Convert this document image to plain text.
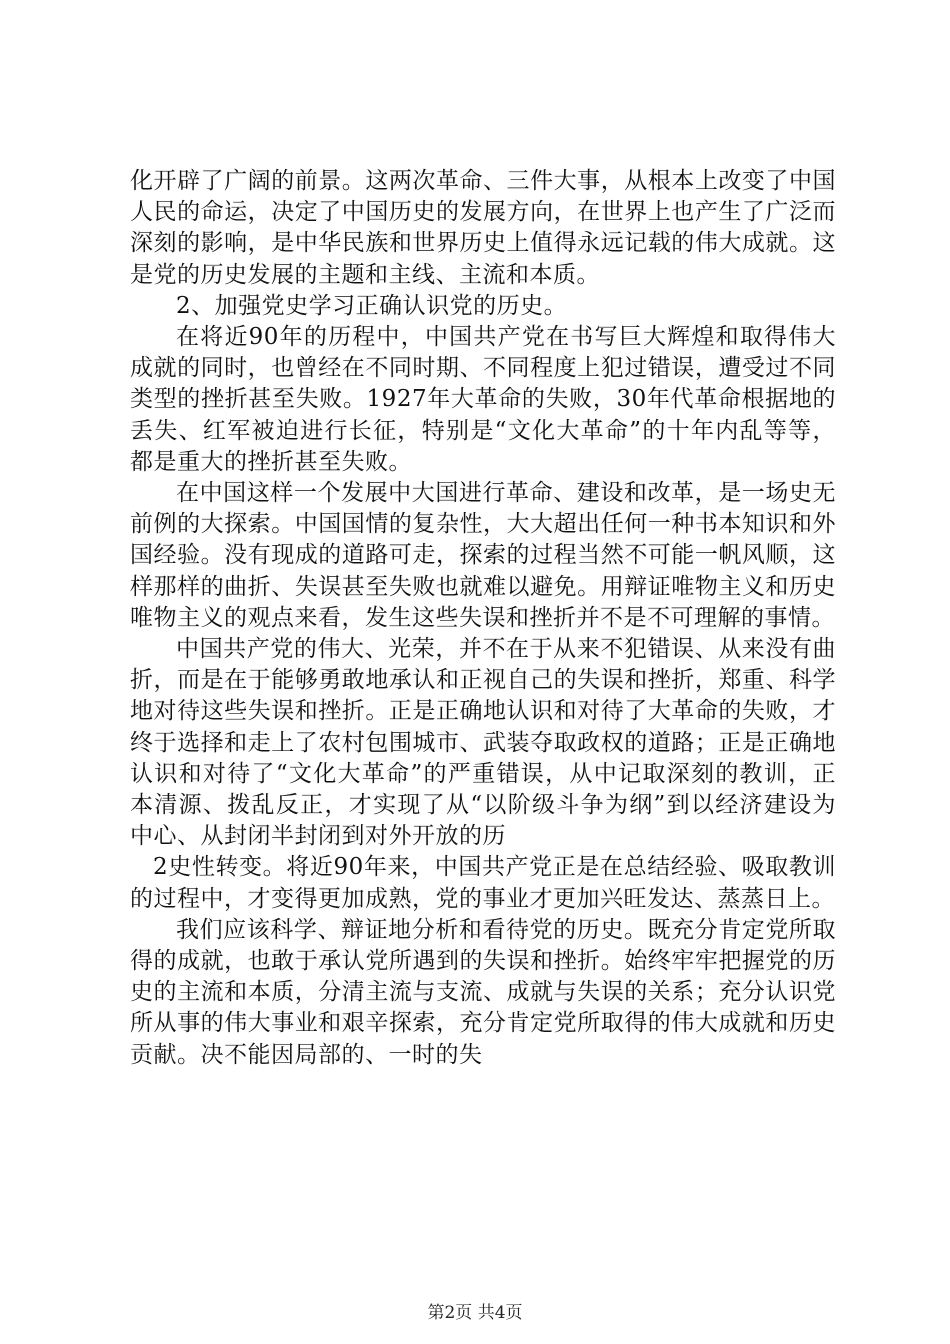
化开辟了广阔的前景。这两次革命、三件大事，从根本上改变了中国人民的命运，决定了中国历史的发展方向，在世界上也产生了广泛而深刻的影响，是中华民族和世界历史上值得永远记载的伟大成就。这是党的历史发展的主题和主线、主流和本质。

2、加强党史学习正确认识党的历史。

在将近90年的历程中，中国共产党在书写巨大辉煌和取得伟大成就的同时，也曾经在不同时期、不同程度上犯过错误，遭受过不同类型的挫折甚至失败。1927年大革命的失败，30年代革命根据地的丢失、红军被迫进行长征，特别是“文化大革命”的十年内乱等等，都是重大的挫折甚至失败。

在中国这样一个发展中大国进行革命、建设和改革，是一场史无前例的大探索。中国国情的复杂性，大大超出任何一种书本知识和外国经验。没有现成的道路可走，探索的过程当然不可能一帆风顺，这样那样的曲折、失误甚至失败也就难以避免。用辩证唯物主义和历史唯物主义的观点来看，发生这些失误和挫折并不是不可理解的事情。

中国共产党的伟大、光荣，并不在于从来不犯错误、从来没有曲折，而是在于能够勇敢地承认和正视自己的失误和挫折，郑重、科学地对待这些失误和挫折。正是正确地认识和对待了大革命的失败，才终于选择和走上了农村包围城市、武装夺取政权的道路；正是正确地认识和对待了“文化大革命”的严重错误，从中记取深刻的教训，正本清源、拨乱反正，才实现了从“以阶级斗争为纲”到以经济建设为中心、从封闭半封闭到对外开放的历

2史性转变。将近90年来，中国共产党正是在总结经验、吸取教训的过程中，才变得更加成熟，党的事业才更加兴旺发达、蒸蒸日上。

我们应该科学、辩证地分析和看待党的历史。既充分肯定党所取得的成就，也敢于承认党所遇到的失误和挫折。始终牢牢把握党的历史的主流和本质，分清主流与支流、成就与失误的关系；充分认识党所从事的伟大事业和艰辛探索，充分肯定党所取得的伟大成就和历史贡献。决不能因局部的、一时的失

第2页 共4页
